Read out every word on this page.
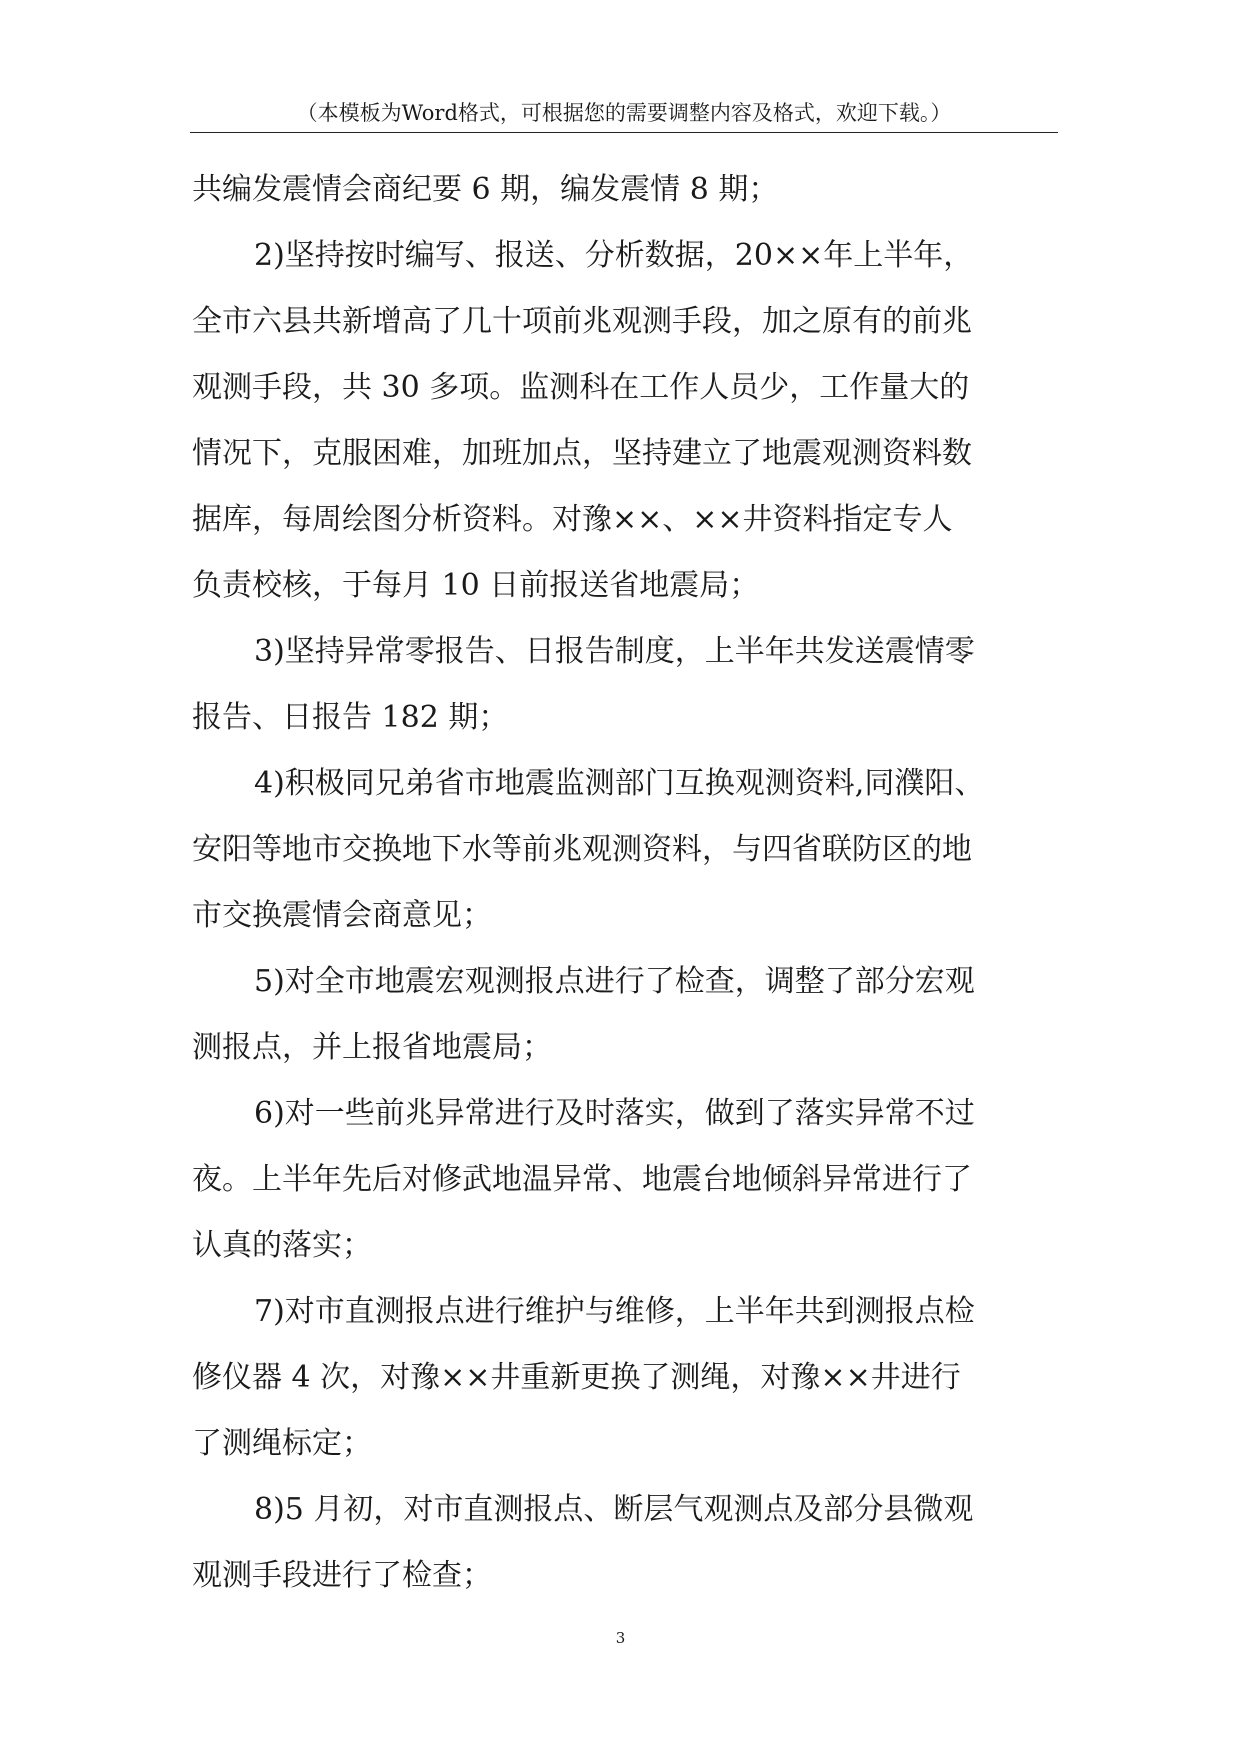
（本模板为Word格式，可根据您的需要调整内容及格式，欢迎下载。）
共编发震情会商纪要 6 期，编发震情 8 期；
2)坚持按时编写、报送、分析数据，20××年上半年，
全市六县共新增高了几十项前兆观测手段，加之原有的前兆
观测手段，共 30 多项。监测科在工作人员少，工作量大的
情况下，克服困难，加班加点，坚持建立了地震观测资料数
据库，每周绘图分析资料。对豫××、××井资料指定专人
负责校核，于每月 10 日前报送省地震局；
3)坚持异常零报告、日报告制度，上半年共发送震情零
报告、日报告 182 期；
4)积极同兄弟省市地震监测部门互换观测资料,同濮阳、
安阳等地市交换地下水等前兆观测资料，与四省联防区的地
市交换震情会商意见；
5)对全市地震宏观测报点进行了检查，调整了部分宏观
测报点，并上报省地震局；
6)对一些前兆异常进行及时落实，做到了落实异常不过
夜。上半年先后对修武地温异常、地震台地倾斜异常进行了
认真的落实；
7)对市直测报点进行维护与维修，上半年共到测报点检
修仪器 4 次，对豫××井重新更换了测绳，对豫××井进行
了测绳标定；
8)5 月初，对市直测报点、断层气观测点及部分县微观
观测手段进行了检查；
3
